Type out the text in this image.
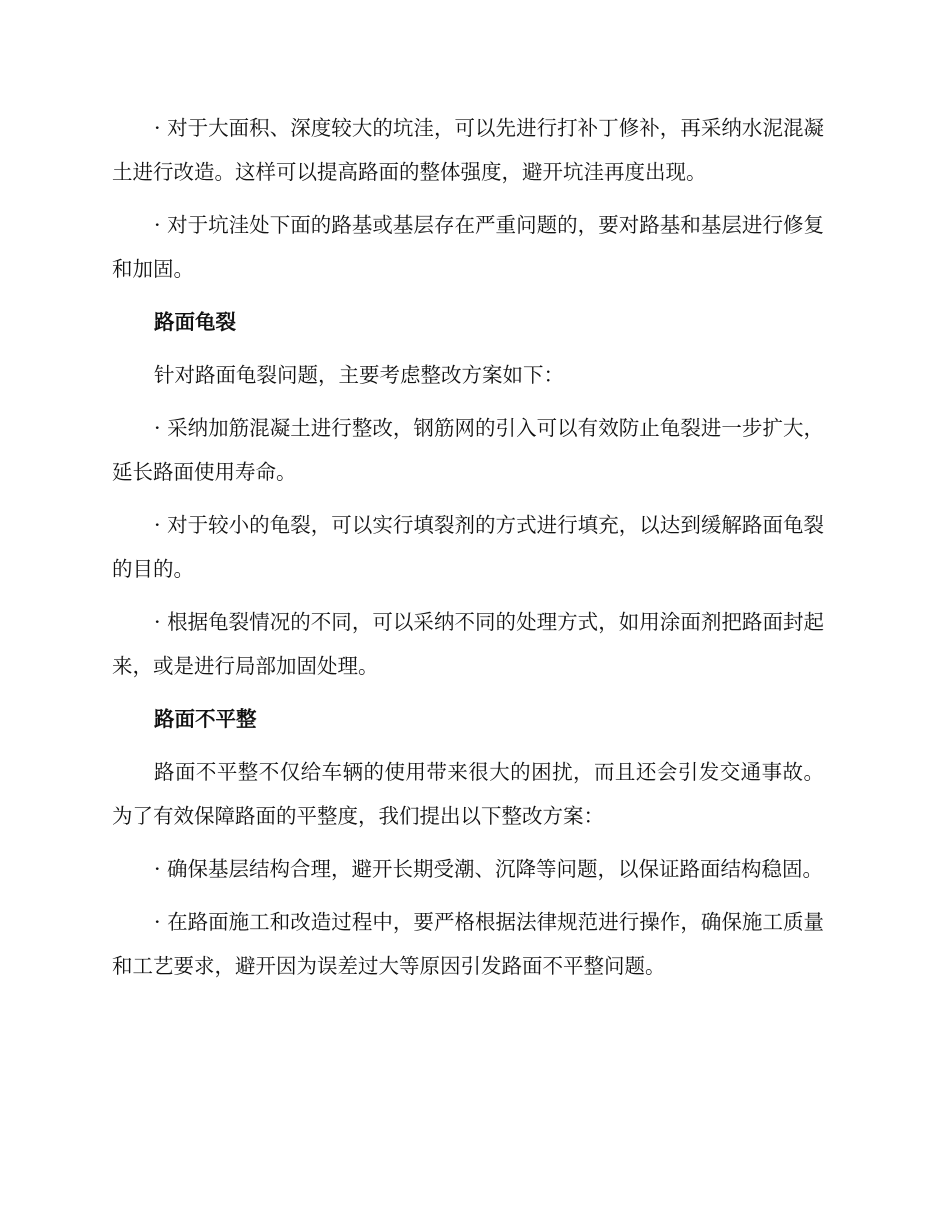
· 对于大面积、深度较大的坑洼，可以先进行打补丁修补，再采纳水泥混凝土进行改造。这样可以提高路面的整体强度，避开坑洼再度出现。

· 对于坑洼处下面的路基或基层存在严重问题的，要对路基和基层进行修复和加固。

路面龟裂

针对路面龟裂问题，主要考虑整改方案如下：

· 采纳加筋混凝土进行整改，钢筋网的引入可以有效防止龟裂进一步扩大，延长路面使用寿命。

· 对于较小的龟裂，可以实行填裂剂的方式进行填充，以达到缓解路面龟裂的目的。

· 根据龟裂情况的不同，可以采纳不同的处理方式，如用涂面剂把路面封起来，或是进行局部加固处理。

路面不平整

路面不平整不仅给车辆的使用带来很大的困扰，而且还会引发交通事故。为了有效保障路面的平整度，我们提出以下整改方案：

· 确保基层结构合理，避开长期受潮、沉降等问题，以保证路面结构稳固。

· 在路面施工和改造过程中，要严格根据法律规范进行操作，确保施工质量和工艺要求，避开因为误差过大等原因引发路面不平整问题。
